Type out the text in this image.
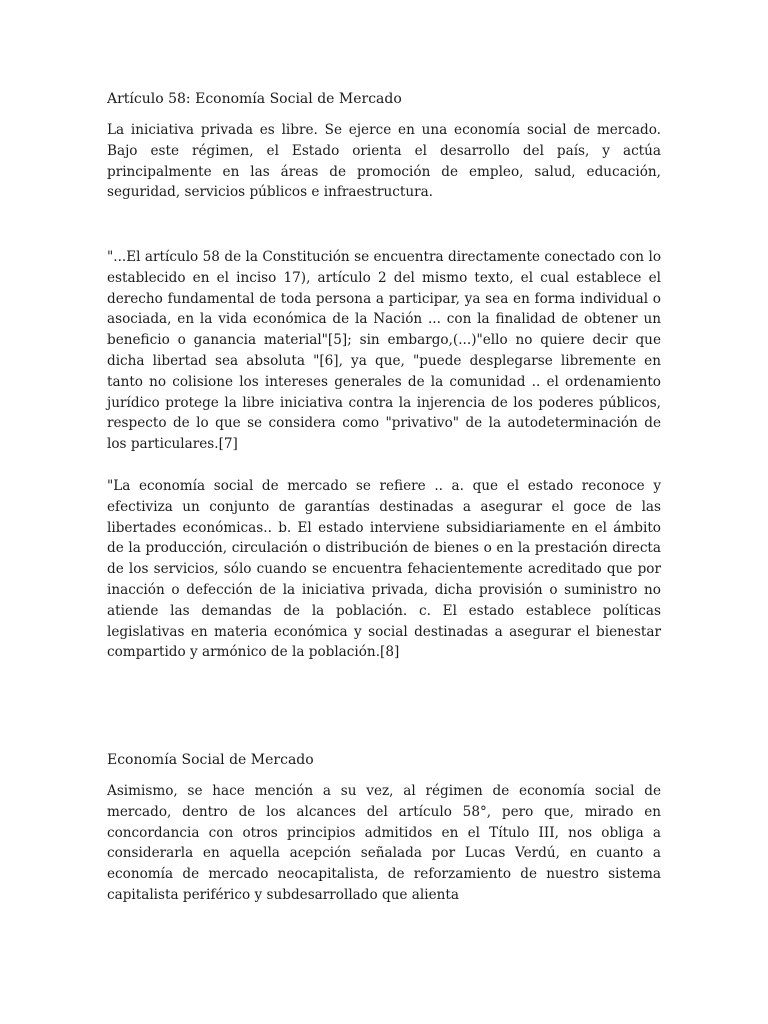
Artículo 58: Economía Social de Mercado
La iniciativa privada es libre. Se ejerce en una economía social de mercado. Bajo este régimen, el Estado orienta el desarrollo del país, y actúa principalmente en las áreas de promoción de empleo, salud, educación, seguridad, servicios públicos e infraestructura.
"...El artículo 58 de la Constitución se encuentra directamente conectado con lo establecido en el inciso 17), artículo 2 del mismo texto, el cual establece el derecho fundamental de toda persona a participar, ya sea en forma individual o asociada, en la vida económica de la Nación ... con la finalidad de obtener un beneficio o ganancia material"[5]; sin embargo,(...)"ello no quiere decir que dicha libertad sea absoluta "[6], ya que, "puede desplegarse libremente en tanto no colisione los intereses generales de la comunidad .. el ordenamiento jurídico protege la libre iniciativa contra la injerencia de los poderes públicos, respecto de lo que se considera como "privativo" de la autodeterminación de los particulares.[7]
"La economía social de mercado se refiere .. a. que el estado reconoce y efectiviza un conjunto de garantías destinadas a asegurar el goce de las libertades económicas.. b. El estado interviene subsidiariamente en el ámbito de la producción, circulación o distribución de bienes o en la prestación directa de los servicios, sólo cuando se encuentra fehacientemente acreditado que por inacción o defección de la iniciativa privada, dicha provisión o suministro no atiende las demandas de la población. c. El estado establece políticas legislativas en materia económica y social destinadas a asegurar el bienestar compartido y armónico de la población.[8]
Economía Social de Mercado
Asimismo, se hace mención a su vez, al régimen de economía social de mercado, dentro de los alcances del artículo 58°, pero que, mirado en concordancia con otros principios admitidos en el Título III, nos obliga a considerarla en aquella acepción señalada por Lucas Verdú, en cuanto a economía de mercado neocapitalista, de reforzamiento de nuestro sistema capitalista periférico y subdesarrollado que alienta
